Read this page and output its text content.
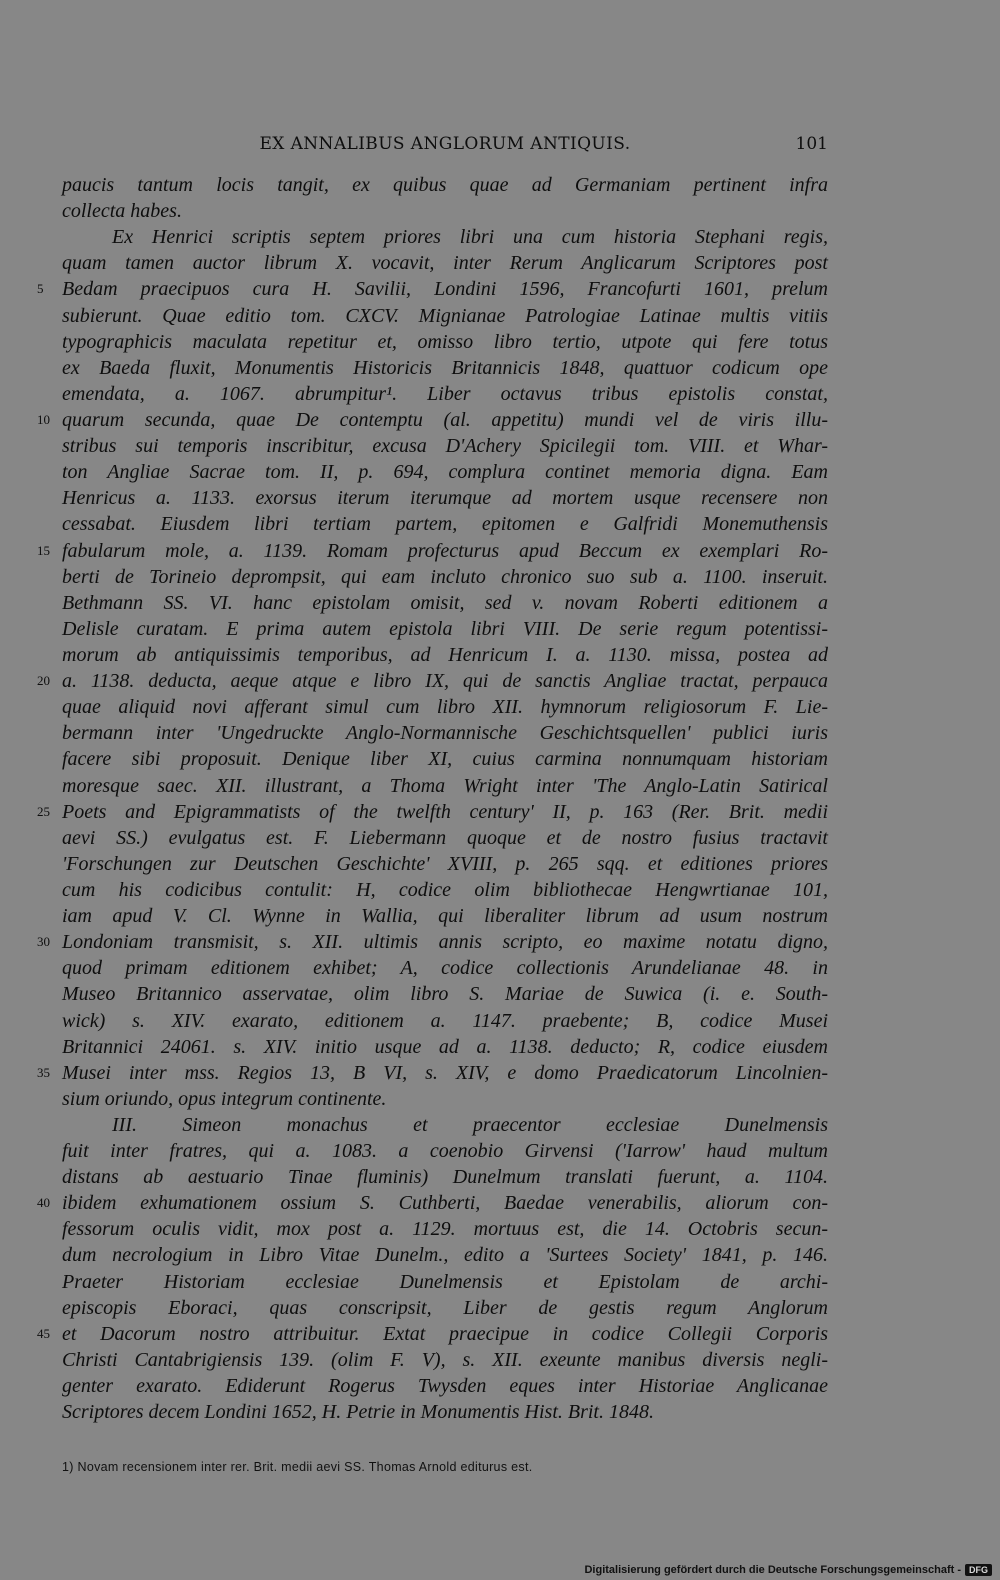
EX ANNALIBUS ANGLORUM ANTIQUIS.	101
paucis tantum locis tangit, ex quibus quae ad Germaniam pertinent infra
collecta habes.
Ex Henrici scriptis septem priores libri una cum historia Stephani regis,
quam tamen auctor librum X. vocavit, inter Rerum Anglicarum Scriptores post
5 Bedam praecipuos cura H. Savilii, Londini 1596, Francofurti 1601, prelum
subierunt. Quae editio tom. CXCV. Mignianae Patrologiae Latinae multis vitiis
typographicis maculata repetitur et, omisso libro tertio, utpote qui fere totus
ex Baeda fluxit, Monumentis Historicis Britannicis 1848, quattuor codicum ope
emendata, a. 1067. abrumpitur¹. Liber octavus tribus epistolis constat,
10 quarum secunda, quae De contemptu (al. appetitu) mundi vel de viris illu-
stribus sui temporis inscribitur, excusa D'Achery Spicilegii tom. VIII. et Whar-
ton Angliae Sacrae tom. II, p. 694, complura continet memoria digna. Eam
Henricus a. 1133. exorsus iterum iterumque ad mortem usque recensere non
cessabat. Eiusdem libri tertiam partem, epitomen e Galfridi Monemuthensis
15 fabularum mole, a. 1139. Romam profecturus apud Beccum ex exemplari Ro-
berti de Torineio deprompsit, qui eam incluto chronico suo sub a. 1100. inseruit.
Bethmann SS. VI. hanc epistolam omisit, sed v. novam Roberti editionem a
Delisle curatam. E prima autem epistola libri VIII. De serie regum potentissi-
morum ab antiquissimis temporibus, ad Henricum I. a. 1130. missa, postea ad
20 a. 1138. deducta, aeque atque e libro IX, qui de sanctis Angliae tractat, perpauca
quae aliquid novi afferant simul cum libro XII. hymnorum religiosorum F. Lie-
bermann inter 'Ungedruckte Anglo-Normannische Geschichtsquellen' publici iuris
facere sibi proposuit. Denique liber XI, cuius carmina nonnumquam historiam
moresque saec. XII. illustrant, a Thoma Wright inter 'The Anglo-Latin Satirical
25 Poets and Epigrammatists of the twelfth century' II, p. 163 (Rer. Brit. medii
aevi SS.) evulgatus est. F. Liebermann quoque et de nostro fusius tractavit
'Forschungen zur Deutschen Geschichte' XVIII, p. 265 sqq. et editiones priores
cum his codicibus contulit: H, codice olim bibliothecae Hengwrtianae 101,
iam apud V. Cl. Wynne in Wallia, qui liberaliter librum ad usum nostrum
30 Londoniam transmisit, s. XII. ultimis annis scripto, eo maxime notatu digno,
quod primam editionem exhibet; A, codice collectionis Arundelianae 48. in
Museo Britannico asservatae, olim libro S. Mariae de Suwica (i. e. South-
wick) s. XIV. exarato, editionem a. 1147. praebente; B, codice Musei
Britannici 24061. s. XIV. initio usque ad a. 1138. deducto; R, codice eiusdem
35 Musei inter mss. Regios 13, B VI, s. XIV, e domo Praedicatorum Lincolnien-
sium oriundo, opus integrum continente.
III. Simeon monachus et praecentor ecclesiae Dunelmensis
fuit inter fratres, qui a. 1083. a coenobio Girvensi ('Iarrow' haud multum
distans ab aestuario Tinae fluminis) Dunelmum translati fuerunt, a. 1104.
40 ibidem exhumationem ossium S. Cuthberti, Baedae venerabilis, aliorum con-
fessorum oculis vidit, mox post a. 1129. mortuus est, die 14. Octobris secun-
dum necrologium in Libro Vitae Dunelm., edito a 'Surtees Society' 1841, p. 146.
Praeter Historiam ecclesiae Dunelmensis et Epistolam de archi-
episcopis Eboraci, quas conscripsit, Liber de gestis regum Anglorum
45 et Dacorum nostro attribuitur. Extat praecipue in codice Collegii Corporis
Christi Cantabrigiensis 139. (olim F. V), s. XII. exeunte manibus diversis negli-
genter exarato. Ediderunt Rogerus Twysden eques inter Historiae Anglicanae
Scriptores decem Londini 1652, H. Petrie in Monumentis Hist. Brit. 1848.
1) Novam recensionem inter rer. Brit. medii aevi SS. Thomas Arnold editurus est.
Digitalisierung gefördert durch die Deutsche Forschungsgemeinschaft - DFG
